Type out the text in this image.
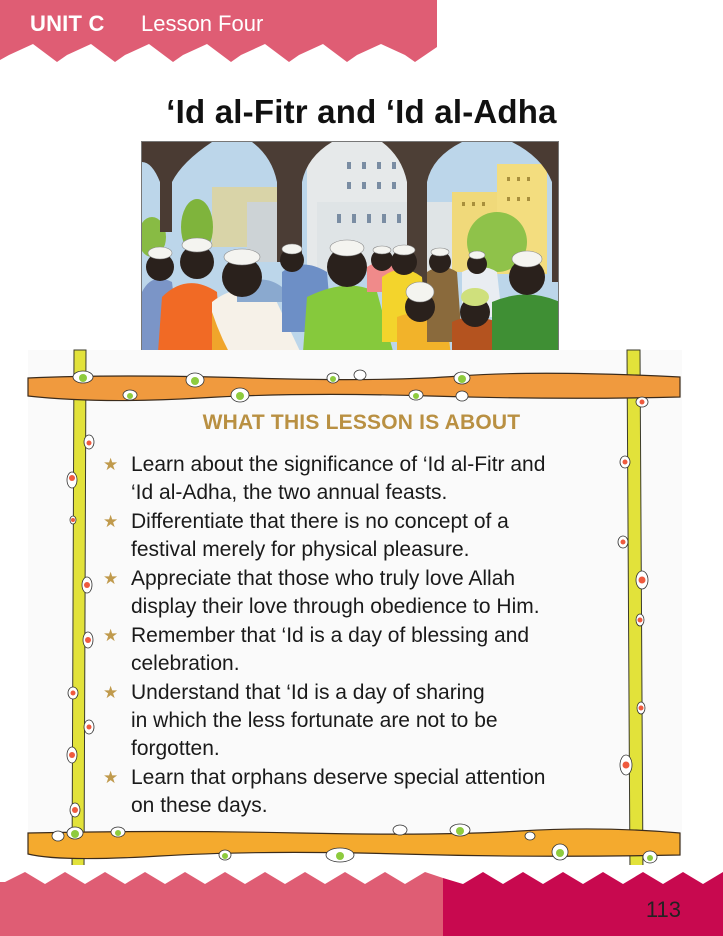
UNIT C Lesson Four
‘Id al-Fitr and ‘Id al-Adha
WHAT THIS LESSON IS ABOUT
★ Learn about the significance of ‘Id al-Fitr and
‘Id al-Adha, the two annual feasts.
★ Differentiate that there is no concept of a
festival merely for physical pleasure.
★ Appreciate that those who truly love Allah
display their love through obedience to Him.
★ Remember that ‘Id is a day of blessing and
celebration.
★ Understand that ‘Id is a day of sharing
in which the less fortunate are not to be
forgotten.
★ Learn that orphans deserve special attention
on these days.
113
